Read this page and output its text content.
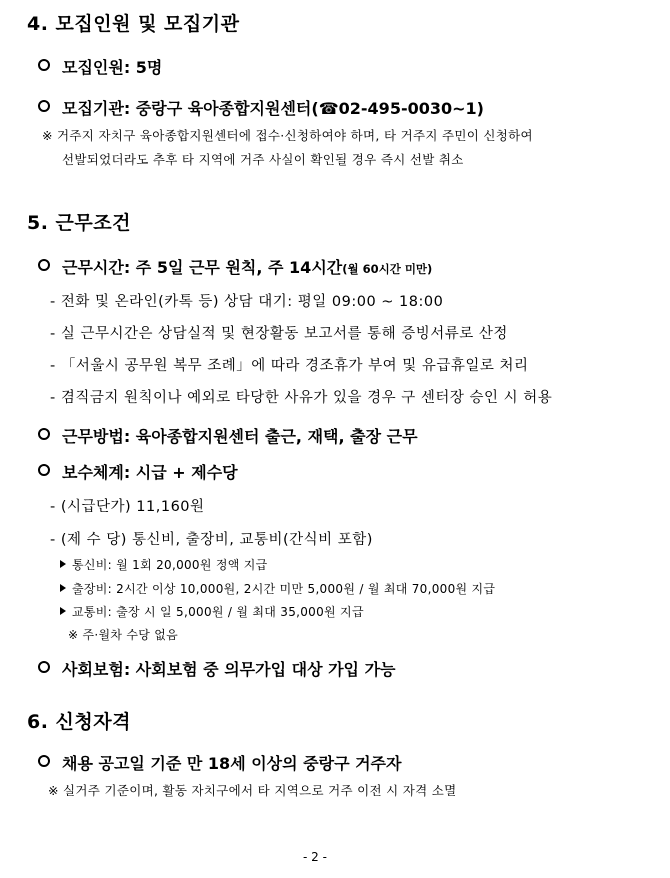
4. 모집인원 및 모집기관
모집인원: 5명
모집기관: 중랑구 육아종합지원센터(☎02-495-0030~1)
※ 거주지 자치구 육아종합지원센터에 접수·신청하여야 하며, 타 거주지 주민이 신청하여
선발되었더라도 추후 타 지역에 거주 사실이 확인될 경우 즉시 선발 취소
5. 근무조건
근무시간: 주 5일 근무 원칙, 주 14시간(월 60시간 미만)
- 전화 및 온라인(카톡 등) 상담 대기: 평일 09:00 ~ 18:00
- 실 근무시간은 상담실적 및 현장활동 보고서를 통해 증빙서류로 산정
- 「서울시 공무원 복무 조례」에 따라 경조휴가 부여 및 유급휴일로 처리
- 겸직금지 원칙이나 예외로 타당한 사유가 있을 경우 구 센터장 승인 시 허용
근무방법: 육아종합지원센터 출근, 재택, 출장 근무
보수체계: 시급 + 제수당
- (시급단가) 11,160원
- (제 수 당) 통신비, 출장비, 교통비(간식비 포함)
통신비: 월 1회 20,000원 정액 지급
출장비: 2시간 이상 10,000원, 2시간 미만 5,000원 / 월 최대 70,000원 지급
교통비: 출장 시 일 5,000원 / 월 최대 35,000원 지급
※ 주·월차 수당 없음
사회보험: 사회보험 중 의무가입 대상 가입 가능
6. 신청자격
채용 공고일 기준 만 18세 이상의 중랑구 거주자
※ 실거주 기준이며, 활동 자치구에서 타 지역으로 거주 이전 시 자격 소멸
- 2 -
